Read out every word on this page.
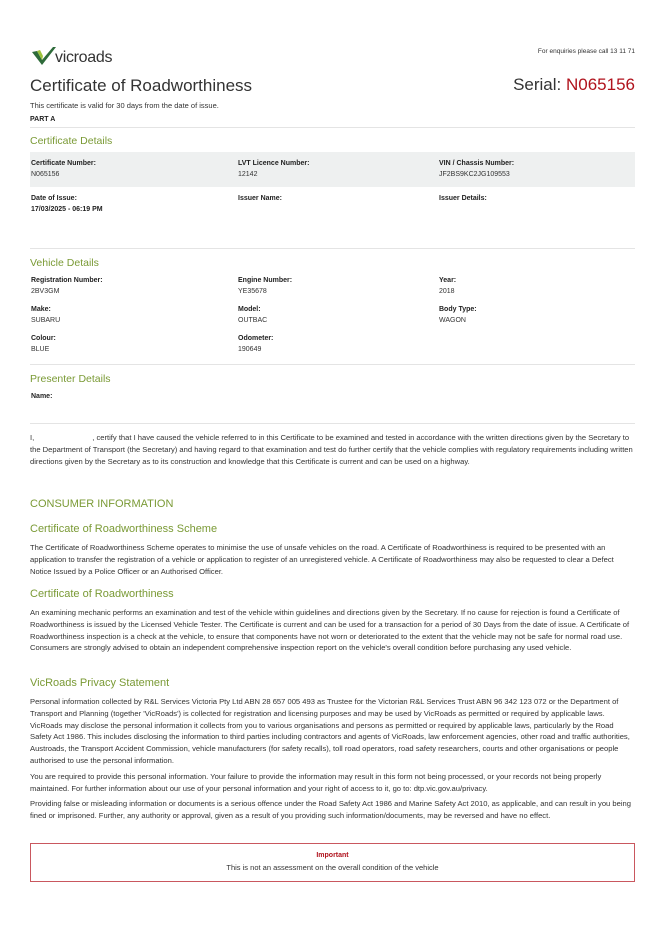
vicroads	For enquiries please call 13 11 71
Certificate of Roadworthiness	Serial: N065156
This certificate is valid for 30 days from the date of issue.
PART A
Certificate Details
Certificate Number:
N065156
LVT Licence Number:
12142
VIN / Chassis Number:
JF2BS9KC2JG109553
Date of Issue:
17/03/2025 - 06:19 PM
Issuer Name:	Issuer Details:
Vehicle Details
Registration Number:
2BV3GM
Engine Number:
YE35678
Year:
2018
Make:
SUBARU
Model:
OUTBAC
Body Type:
WAGON
Colour:
BLUE
Odometer:
190649
Presenter Details
Name:

I,	, certify that I have caused the vehicle referred to in this Certificate to be examined and tested in accordance with the written directions given by the Secretary to the Department of Transport (the Secretary) and having regard to that examination and test do further certify that the vehicle complies with regulatory requirements including written directions given by the Secretary as to its construction and knowledge that this Certificate is current and can be used on a highway.

CONSUMER INFORMATION
Certificate of Roadworthiness Scheme

The Certificate of Roadworthiness Scheme operates to minimise the use of unsafe vehicles on the road. A Certificate of Roadworthiness is required to be presented with an application to transfer the registration of a vehicle or application to register of an unregistered vehicle. A Certificate of Roadworthiness may also be requested to clear a Defect Notice Issued by a Police Officer or an Authorised Officer.

Certificate of Roadworthiness

An examining mechanic performs an examination and test of the vehicle within guidelines and directions given by the Secretary. If no cause for rejection is found a Certificate of Roadworthiness is issued by the Licensed Vehicle Tester. The Certificate is current and can be used for a transaction for a period of 30 Days from the date of issue. A Certificate of Roadworthiness inspection is a check at the vehicle, to ensure that components have not worn or deteriorated to the extent that the vehicle may not be safe for normal road use. Consumers are strongly advised to obtain an independent comprehensive inspection report on the vehicle's overall condition before purchasing any used vehicle.

VicRoads Privacy Statement

Personal information collected by R&L Services Victoria Pty Ltd ABN 28 657 005 493 as Trustee for the Victorian R&L Services Trust ABN 96 342 123 072 or the Department of Transport and Planning (together 'VicRoads') is collected for registration and licensing purposes and may be used by VicRoads as permitted or required by applicable laws. VicRoads may disclose the personal information it collects from you to various organisations and persons as permitted or required by applicable laws, particularly by the Road Safety Act 1986. This includes disclosing the information to third parties including contractors and agents of VicRoads, law enforcement agencies, other road and traffic authorities, Austroads, the Transport Accident Commission, vehicle manufacturers (for safety recalls), toll road operators, road safety researchers, courts and other organisations or people authorised to use the personal information.

You are required to provide this personal information. Your failure to provide the information may result in this form not being processed, or your records not being properly maintained. For further information about our use of your personal information and your right of access to it, go to: dtp.vic.gov.au/privacy.

Providing false or misleading information or documents is a serious offence under the Road Safety Act 1986 and Marine Safety Act 2010, as applicable, and can result in you being fined or imprisoned. Further, any authority or approval, given as a result of you providing such information/documents, may be reversed and have no effect.

Important
This is not an assessment on the overall condition of the vehicle
